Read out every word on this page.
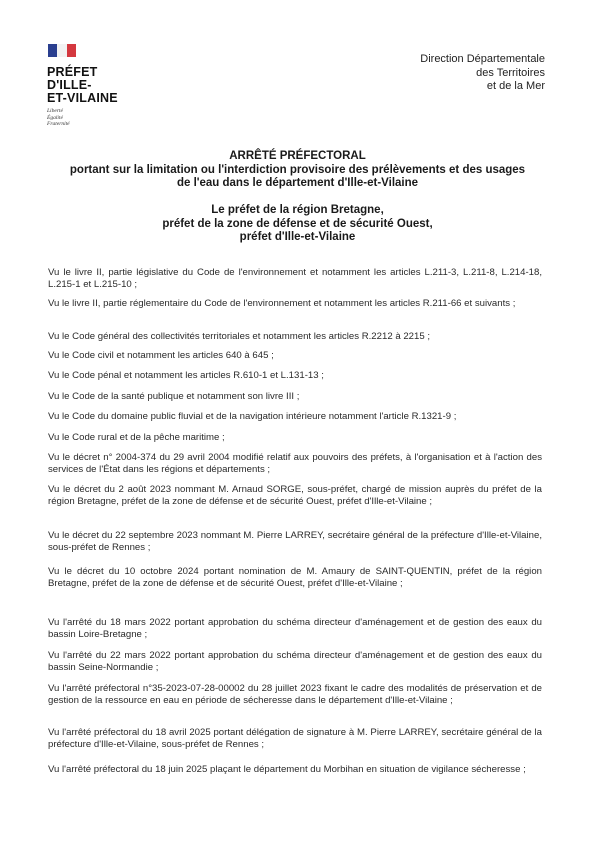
PRÉFET
D'ILLE-
ET-VILAINE
Liberté
Égalité
Fraternité
Direction Départementale
des Territoires
et de la Mer
ARRÊTÉ PRÉFECTORAL
portant sur la limitation ou l'interdiction provisoire des prélèvements et des usages
de l'eau dans le département d'Ille-et-Vilaine
Le préfet de la région Bretagne,
préfet de la zone de défense et de sécurité Ouest,
préfet d'Ille-et-Vilaine
Vu le livre II, partie législative du Code de l'environnement et notamment les articles L.211-3, L.211-8, L.214-18, L.215-1 et L.215-10 ;
Vu le livre II, partie réglementaire du Code de l'environnement et notamment les articles R.211-66 et suivants ;
Vu le Code général des collectivités territoriales et notamment les articles R.2212 à 2215 ;
Vu le Code civil et notamment les articles 640 à 645 ;
Vu le Code pénal et notamment les articles R.610-1 et L.131-13 ;
Vu le Code de la santé publique et notamment son livre III ;
Vu le Code du domaine public fluvial et de la navigation intérieure notamment l'article R.1321-9 ;
Vu le Code rural et de la pêche maritime ;
Vu le décret n° 2004-374 du 29 avril 2004 modifié relatif aux pouvoirs des préfets, à l'organisation et à l'action des services de l'État dans les régions et départements ;
Vu le décret du 2 août 2023 nommant M. Arnaud SORGE, sous-préfet, chargé de mission auprès du préfet de la région Bretagne, préfet de la zone de défense et de sécurité Ouest, préfet d'Ille-et-Vilaine ;
Vu le décret du 22 septembre 2023 nommant M. Pierre LARREY, secrétaire général de la préfecture d'Ille-et-Vilaine, sous-préfet de Rennes ;
Vu le décret du 10 octobre 2024 portant nomination de M. Amaury de SAINT-QUENTIN, préfet de la région Bretagne, préfet de la zone de défense et de sécurité Ouest, préfet d'Ille-et-Vilaine ;
Vu l'arrêté du 18 mars 2022 portant approbation du schéma directeur d'aménagement et de gestion des eaux du bassin Loire-Bretagne ;
Vu l'arrêté du 22 mars 2022 portant approbation du schéma directeur d'aménagement et de gestion des eaux du bassin Seine-Normandie ;
Vu l'arrêté préfectoral n°35-2023-07-28-00002 du 28 juillet 2023 fixant le cadre des modalités de préservation et de gestion de la ressource en eau en période de sécheresse dans le département d'Ille-et-Vilaine ;
Vu l'arrêté préfectoral du 18 avril 2025 portant délégation de signature à M. Pierre LARREY, secrétaire général de la préfecture d'Ille-et-Vilaine, sous-préfet de Rennes ;
Vu l'arrêté préfectoral du 18 juin 2025 plaçant le département du Morbihan en situation de vigilance sécheresse ;
